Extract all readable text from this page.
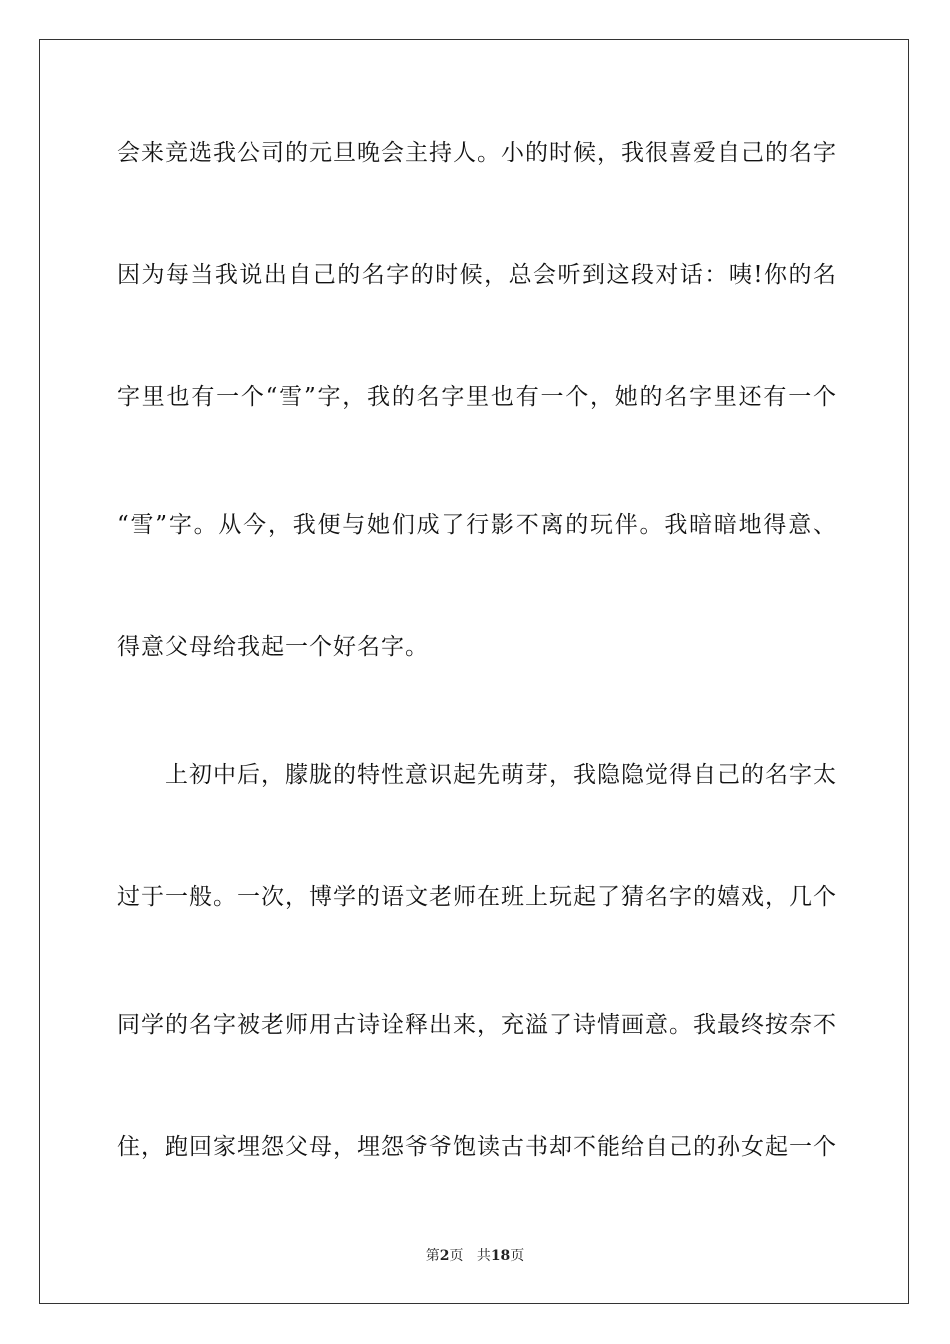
会来竞选我公司的元旦晚会主持人。小的时候，我很喜爱自己的名字
因为每当我说出自己的名字的时候，总会听到这段对话：咦!你的名
字里也有一个“雪”字，我的名字里也有一个，她的名字里还有一个
“雪”字。从今，我便与她们成了行影不离的玩伴。我暗暗地得意、
得意父母给我起一个好名字。
　　上初中后，朦胧的特性意识起先萌芽，我隐隐觉得自己的名字太
过于一般。一次，博学的语文老师在班上玩起了猜名字的嬉戏，几个
同学的名字被老师用古诗诠释出来，充溢了诗情画意。我最终按奈不
住，跑回家埋怨父母，埋怨爷爷饱读古书却不能给自己的孙女起一个
第2页 共18页
